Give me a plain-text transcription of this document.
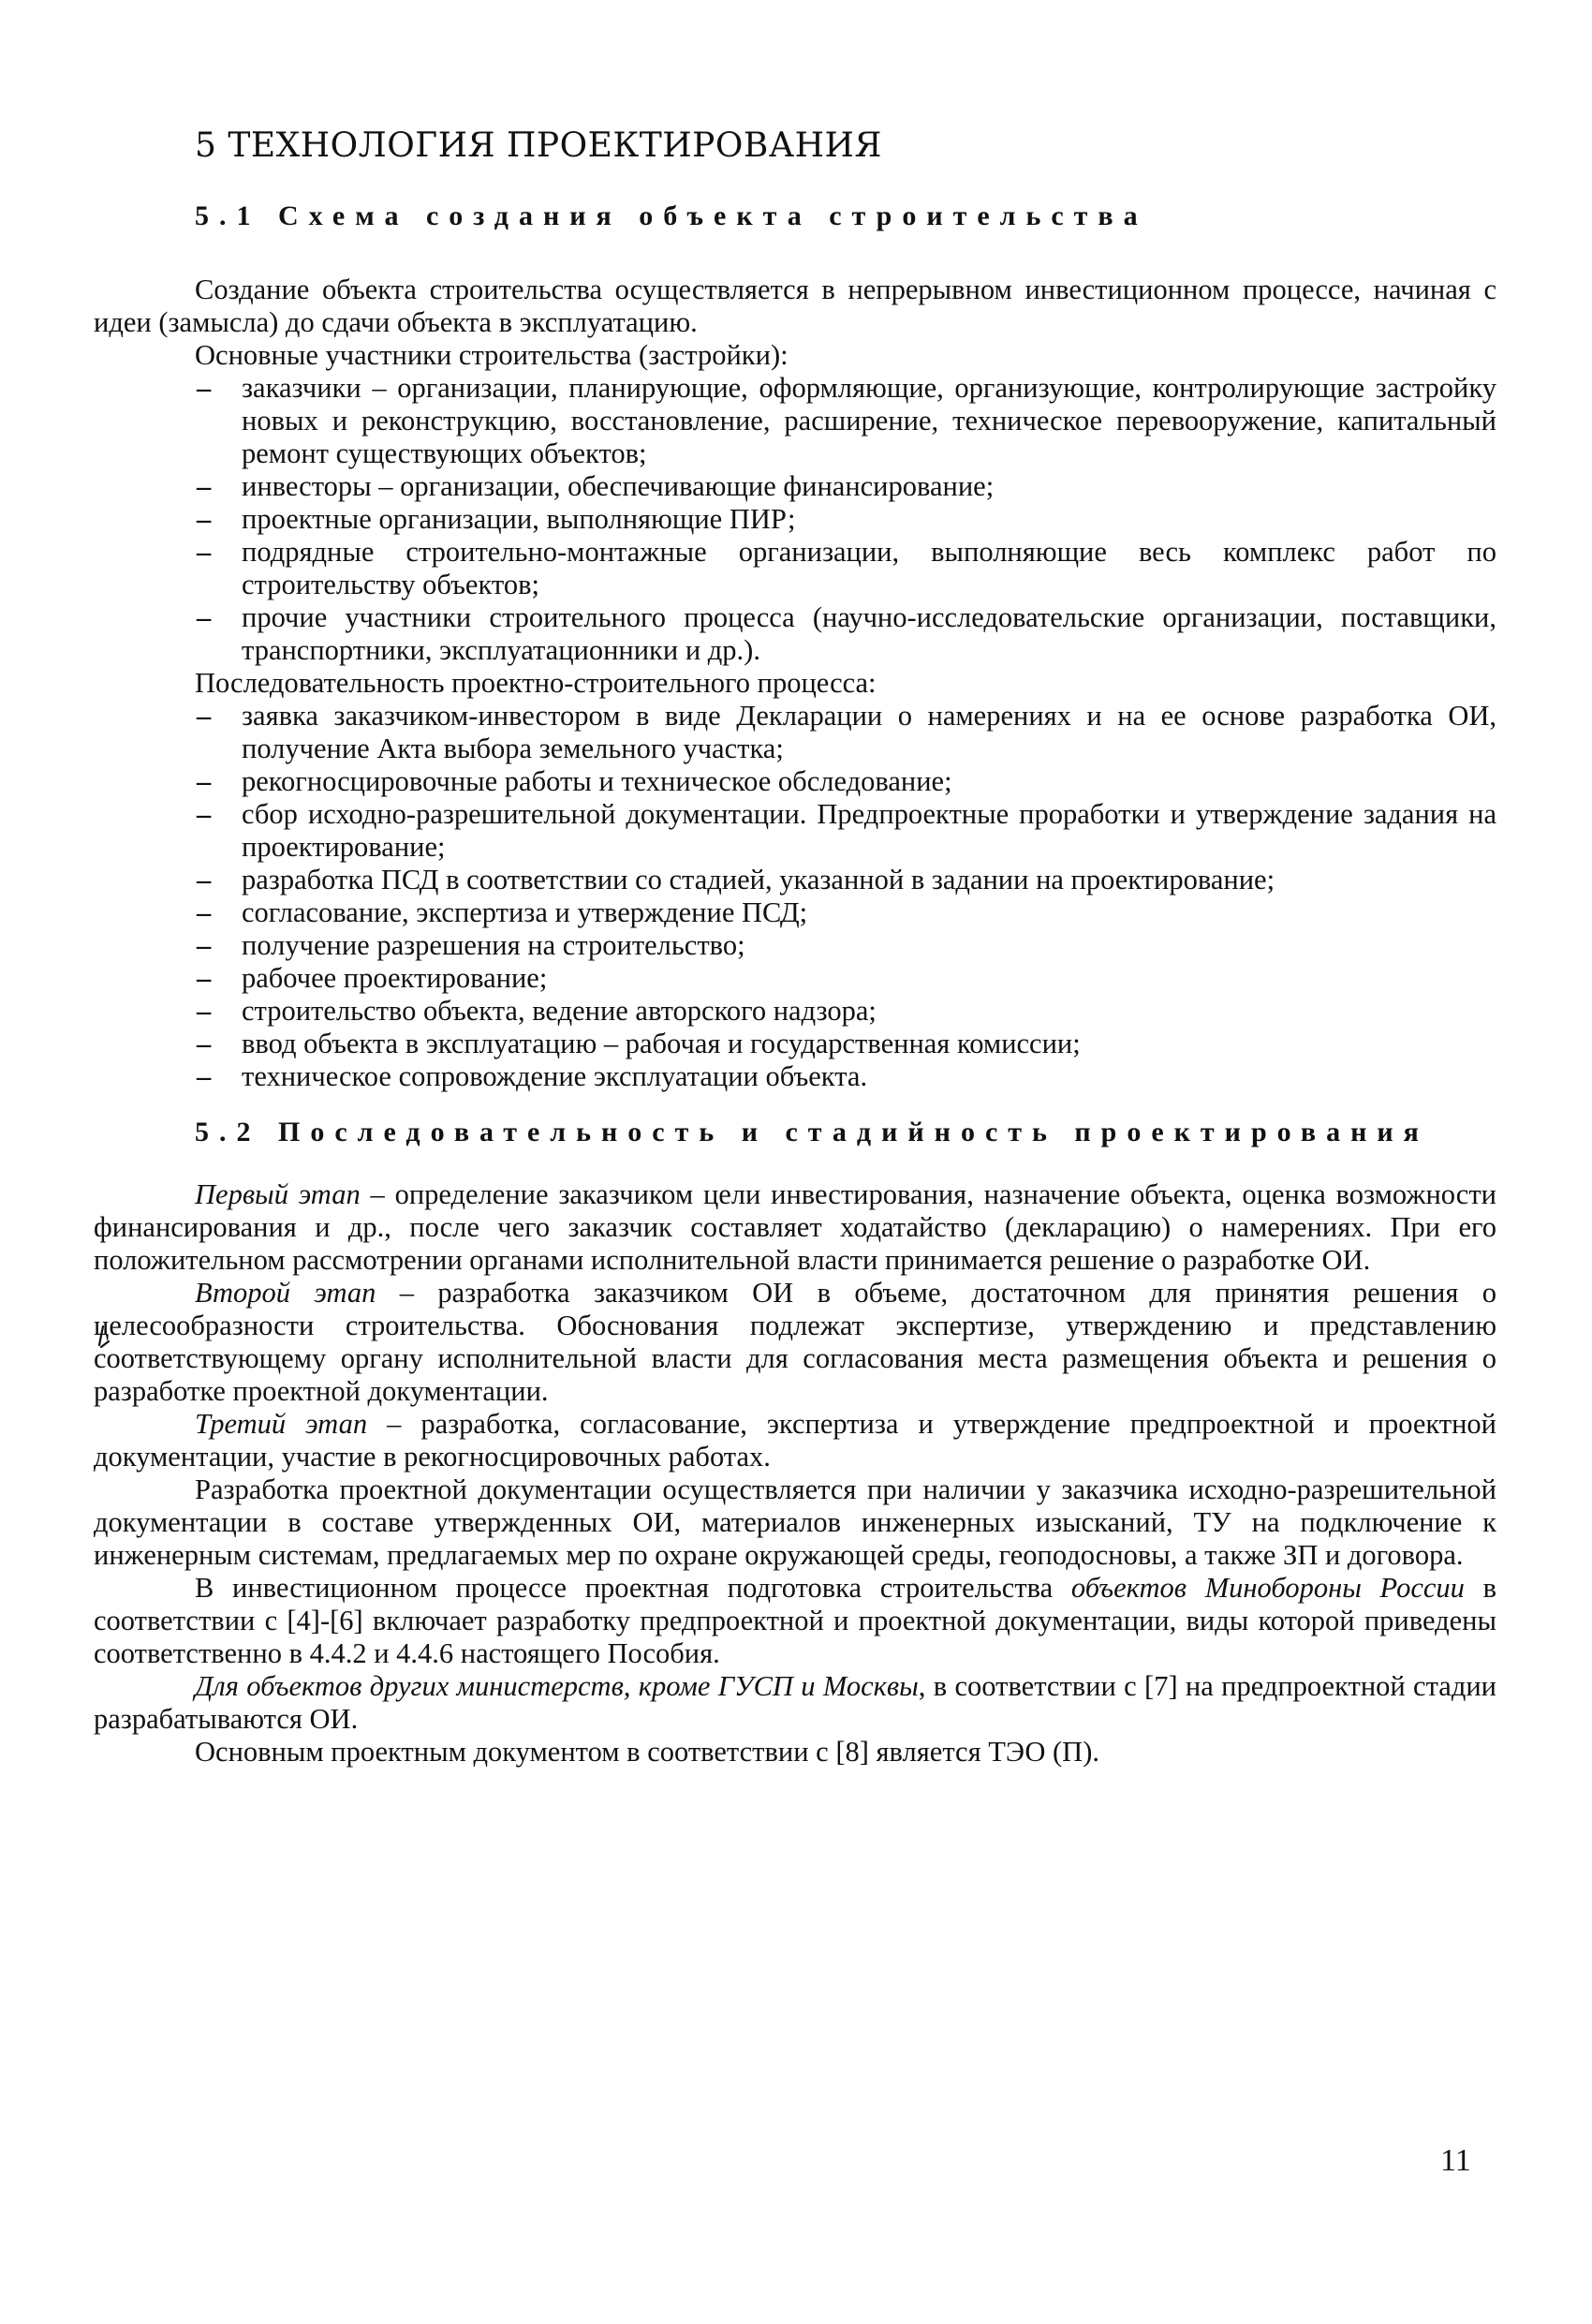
5 ТЕХНОЛОГИЯ ПРОЕКТИРОВАНИЯ
5.1 Схема создания объекта строительства

Создание объекта строительства осуществляется в непрерывном инвестиционном процессе, начиная с идеи (замысла) до сдачи объекта в эксплуатацию.

Основные участники строительства (застройки):

– заказчики – организации, планирующие, оформляющие, организующие, контролирующие застройку новых и реконструкцию, восстановление, расширение, техническое перевооружение, капитальный ремонт существующих объектов;
– инвесторы – организации, обеспечивающие финансирование;
– проектные организации, выполняющие ПИР;
– подрядные строительно-монтажные организации, выполняющие весь комплекс работ по строительству объектов;
– прочие участники строительного процесса (научно-исследовательские организации, поставщики, транспортники, эксплуатационники и др.).

Последовательность проектно-строительного процесса:

– заявка заказчиком-инвестором в виде Декларации о намерениях и на ее основе разработка ОИ, получение Акта выбора земельного участка;
– рекогносцировочные работы и техническое обследование;
– сбор исходно-разрешительной документации. Предпроектные проработки и утверждение задания на проектирование;
– разработка ПСД в соответствии со стадией, указанной в задании на проектирование;
– согласование, экспертиза и утверждение ПСД;
– получение разрешения на строительство;
– рабочее проектирование;
– строительство объекта, ведение авторского надзора;
– ввод объекта в эксплуатацию – рабочая и государственная комиссии;
– техническое сопровождение эксплуатации объекта.
5.2 Последовательность и стадийность проектирования

Первый этап – определение заказчиком цели инвестирования, назначение объекта, оценка возможности финансирования и др., после чего заказчик составляет ходатайство (декларацию) о намерениях. При его положительном рассмотрении органами исполнительной власти принимается решение о разработке ОИ.

Второй этап – разработка заказчиком ОИ в объеме, достаточном для принятия решения о целесообразности строительства. Обоснования подлежат экспертизе, утверждению и представлению соответствующему органу исполнительной власти для согласования места размещения объекта и решения о разработке проектной документации.

Третий этап – разработка, согласование, экспертиза и утверждение предпроектной и проектной документации, участие в рекогносцировочных работах.

Разработка проектной документации осуществляется при наличии у заказчика исходно-разрешительной документации в составе утвержденных ОИ, материалов инженерных изысканий, ТУ на подключение к инженерным системам, предлагаемых мер по охране окружающей среды, геоподосновы, а также ЗП и договора.

В инвестиционном процессе проектная подготовка строительства объектов Минобороны России в соответствии с [4]-[6] включает разработку предпроектной и проектной документации, виды которой приведены соответственно в 4.4.2 и 4.4.6 настоящего Пособия.

Для объектов других министерств, кроме ГУСП и Москвы, в соответствии с [7] на предпроектной стадии разрабатываются ОИ.

Основным проектным документом в соответствии с [8] является ТЭО (П).

11
